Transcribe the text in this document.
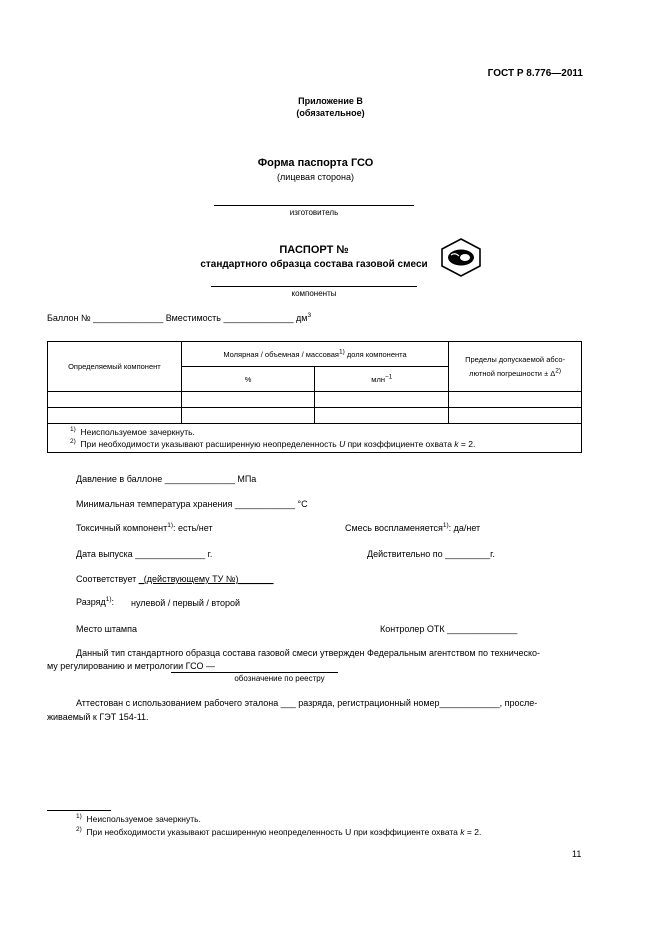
ГОСТ Р 8.776—2011
Приложение В
(обязательное)
Форма паспорта ГСО
(лицевая сторона)
изготовитель
ПАСПОРТ №
стандартного образца состава газовой смеси
компоненты
Баллон № ______________ Вместимость ______________ $дм^3$
Определяемый компонент	Молярная / объемная / массовая$^{1)}$ доля компонента		Пределы допускаемой абсо-
лютной погрешности ± $\Delta^{2)}$
	%	млн$^{-1}$

$^{1)}$ Неиспользуемое зачеркнуть.
$^{2)}$ При необходимости указывают расширенную неопределенность U при коэффициенте охвата k = 2.			
Давление в баллоне ______________ МПа
Минимальная температура хранения ____________ °С
Токсичный компонент$^{1)}$: есть/нет	Смесь воспламеняется$^{1)}$: да/нет
Дата выпуска ______________ г.	Действительно по _________г.
Соответствует _(действующему ТУ №)_______
Разряд$^{1)}$: нулевой / первый / второй
Место штампа	Контролер ОТК ______________
Данный тип стандартного образца состава газовой смеси утвержден Федеральным агентством по техническо-
му регулированию и метрологии ГСО —
обозначение по реестру
Аттестован с использованием рабочего эталона ___ разряда, регистрационный номер____________, просле-
живаемый к ГЭТ 154-11.
$^{1)}$ Неиспользуемое зачеркнуть.
$^{2)}$ При необходимости указывают расширенную неопределенность U при коэффициенте охвата k = 2.
11
